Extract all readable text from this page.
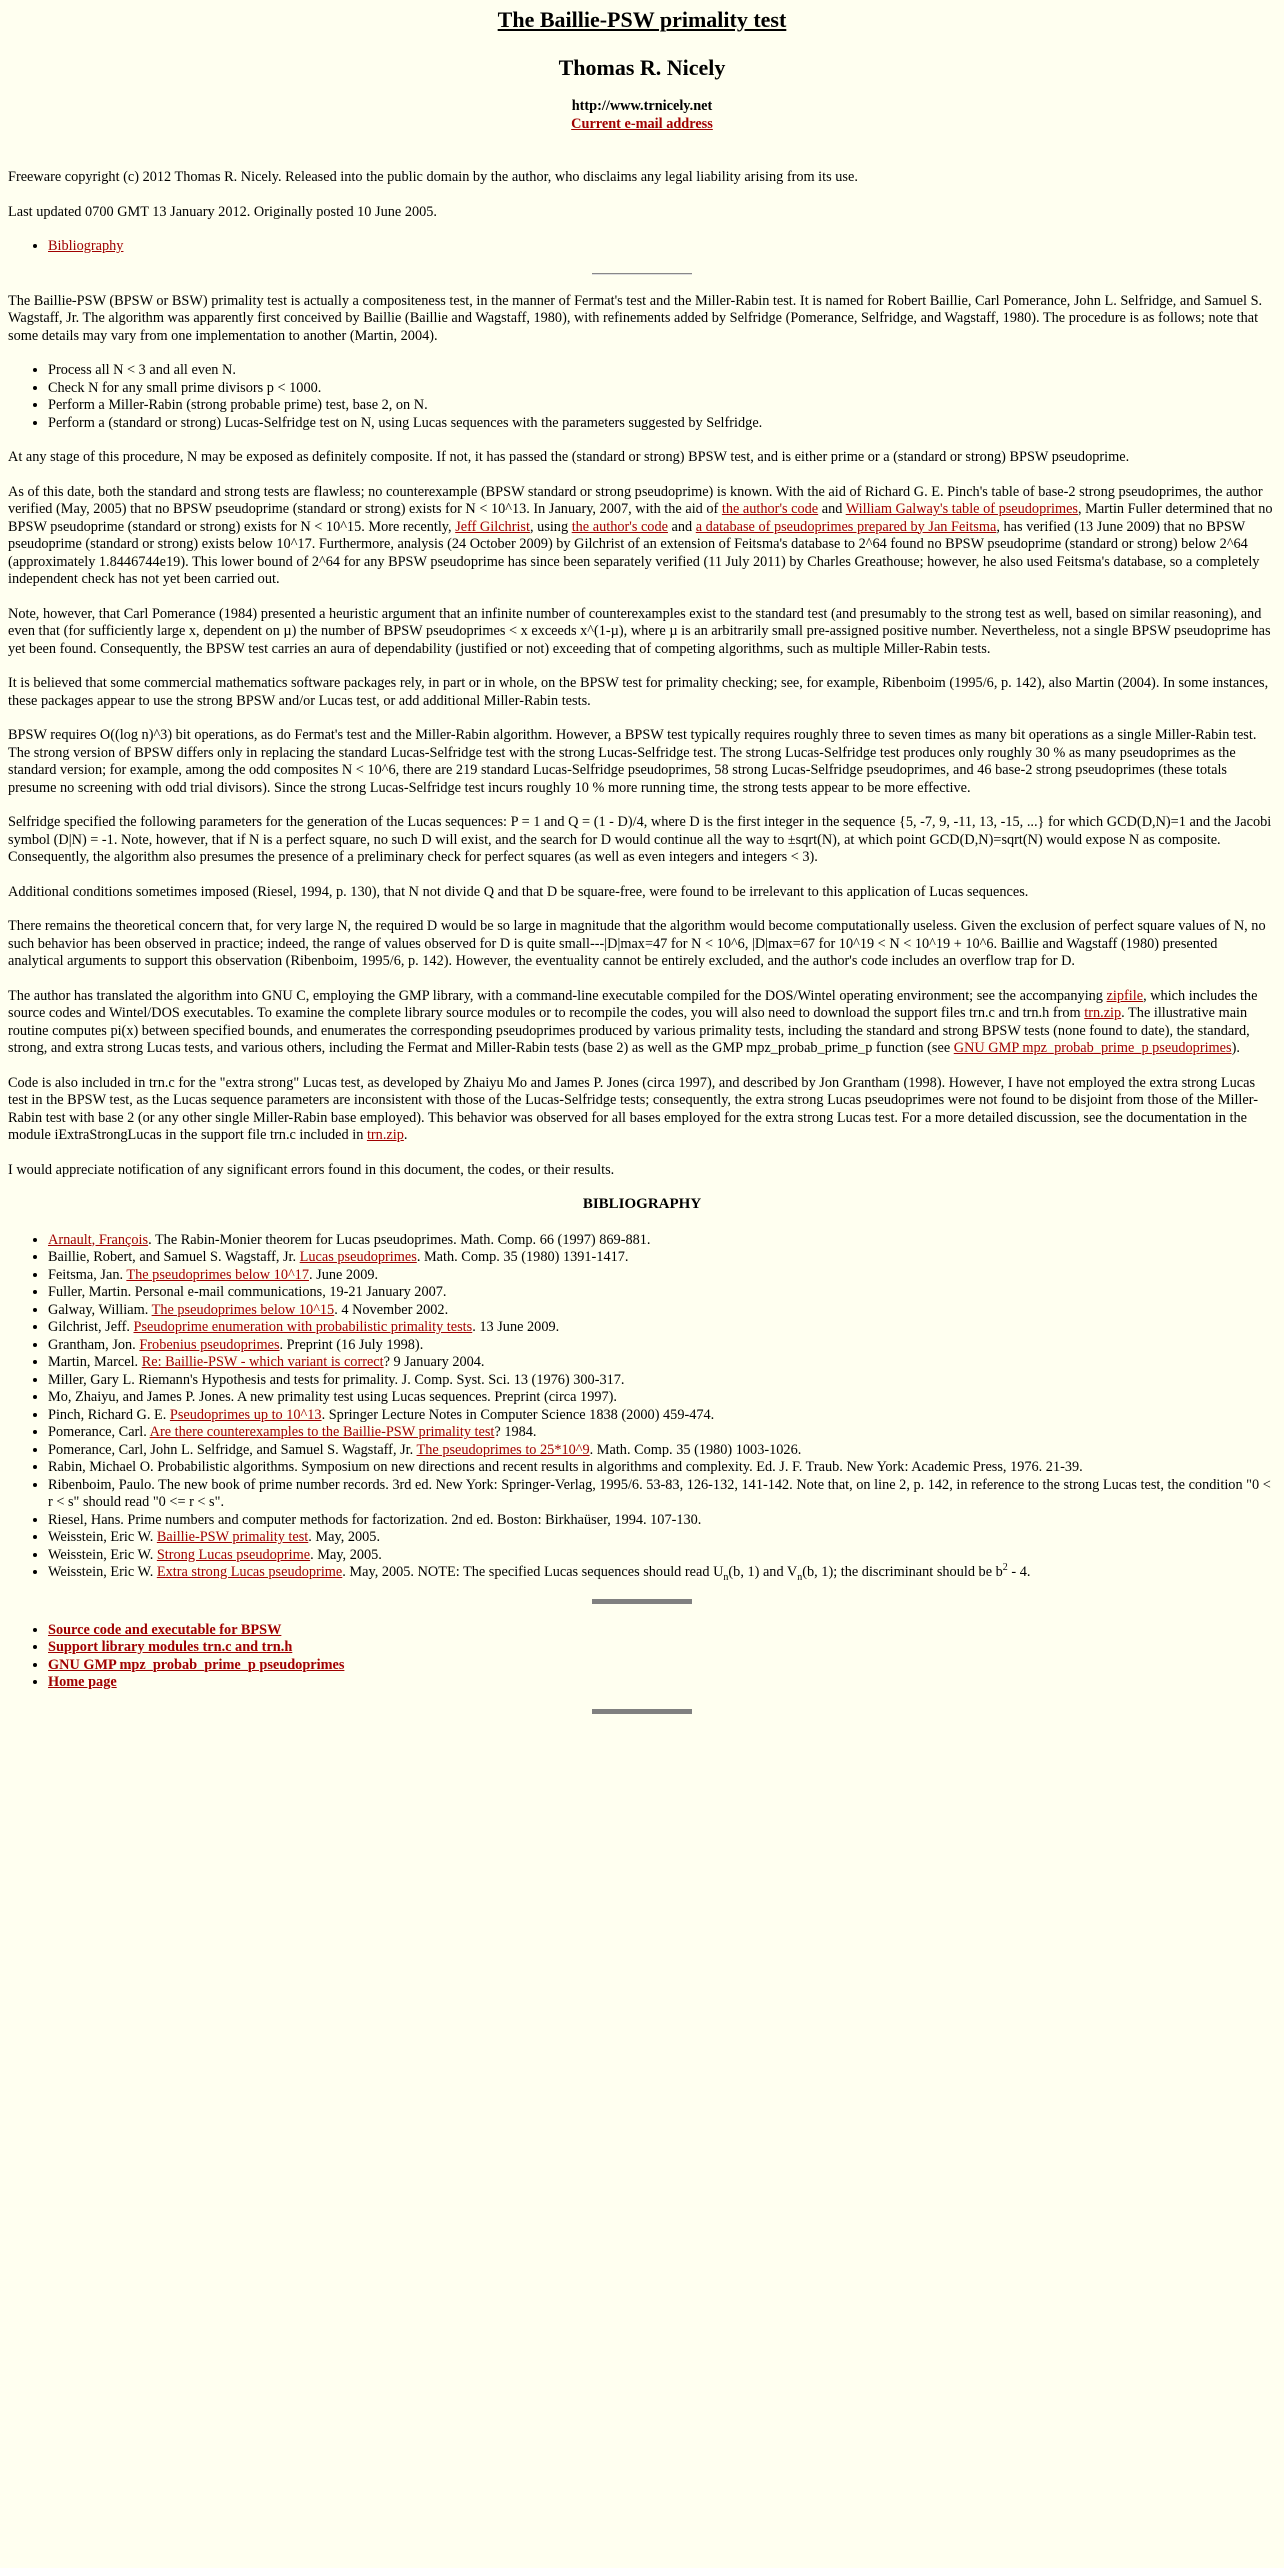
The Baillie-PSW primality test
Thomas R. Nicely

http://www.trnicely.net

Current e-mail address

Freeware copyright (c) 2012 Thomas R. Nicely. Released into the public domain by the author, who disclaims any legal liability arising from its use.

Last updated 0700 GMT 13 January 2012. Originally posted 10 June 2005.

• Bibliography

The Baillie-PSW (BPSW or BSW) primality test is actually a compositeness test, in the manner of Fermat's test and the Miller-Rabin test. It is named for Robert Baillie, Carl Pomerance, John L. Selfridge, and Samuel S. Wagstaff, Jr. The algorithm was apparently first conceived by Baillie (Baillie and Wagstaff, 1980), with refinements added by Selfridge (Pomerance, Selfridge, and Wagstaff, 1980). The procedure is as follows; note that some details may vary from one implementation to another (Martin, 2004).

• Process all N < 3 and all even N.
• Check N for any small prime divisors p < 1000.
• Perform a Miller-Rabin (strong probable prime) test, base 2, on N.
• Perform a (standard or strong) Lucas-Selfridge test on N, using Lucas sequences with the parameters suggested by Selfridge.

At any stage of this procedure, N may be exposed as definitely composite. If not, it has passed the (standard or strong) BPSW test, and is either prime or a (standard or strong) BPSW pseudoprime.

As of this date, both the standard and strong tests are flawless; no counterexample (BPSW standard or strong pseudoprime) is known. With the aid of Richard G. E. Pinch's table of base-2 strong pseudoprimes, the author verified (May, 2005) that no BPSW pseudoprime (standard or strong) exists for N < 10^13. In January, 2007, with the aid of the author's code and William Galway's table of pseudoprimes, Martin Fuller determined that no BPSW pseudoprime (standard or strong) exists for N < 10^15. More recently, Jeff Gilchrist, using the author's code and a database of pseudoprimes prepared by Jan Feitsma, has verified (13 June 2009) that no BPSW pseudoprime (standard or strong) exists below 10^17. Furthermore, analysis (24 October 2009) by Gilchrist of an extension of Feitsma's database to 2^64 found no BPSW pseudoprime (standard or strong) below 2^64 (approximately 1.8446744e19). This lower bound of 2^64 for any BPSW pseudoprime has since been separately verified (11 July 2011) by Charles Greathouse; however, he also used Feitsma's database, so a completely independent check has not yet been carried out.

Note, however, that Carl Pomerance (1984) presented a heuristic argument that an infinite number of counterexamples exist to the standard test (and presumably to the strong test as well, based on similar reasoning), and even that (for sufficiently large x, dependent on µ) the number of BPSW pseudoprimes < x exceeds x^(1-µ), where µ is an arbitrarily small pre-assigned positive number. Nevertheless, not a single BPSW pseudoprime has yet been found. Consequently, the BPSW test carries an aura of dependability (justified or not) exceeding that of competing algorithms, such as multiple Miller-Rabin tests.

It is believed that some commercial mathematics software packages rely, in part or in whole, on the BPSW test for primality checking; see, for example, Ribenboim (1995/6, p. 142), also Martin (2004). In some instances, these packages appear to use the strong BPSW and/or Lucas test, or add additional Miller-Rabin tests.

BPSW requires O((log n)^3) bit operations, as do Fermat's test and the Miller-Rabin algorithm. However, a BPSW test typically requires roughly three to seven times as many bit operations as a single Miller-Rabin test. The strong version of BPSW differs only in replacing the standard Lucas-Selfridge test with the strong Lucas-Selfridge test. The strong Lucas-Selfridge test produces only roughly 30 % as many pseudoprimes as the standard version; for example, among the odd composites N < 10^6, there are 219 standard Lucas-Selfridge pseudoprimes, 58 strong Lucas-Selfridge pseudoprimes, and 46 base-2 strong pseudoprimes (these totals presume no screening with odd trial divisors). Since the strong Lucas-Selfridge test incurs roughly 10 % more running time, the strong tests appear to be more effective.

Selfridge specified the following parameters for the generation of the Lucas sequences: P = 1 and Q = (1 - D)/4, where D is the first integer in the sequence {5, -7, 9, -11, 13, -15, ...} for which GCD(D,N)=1 and the Jacobi symbol (D|N) = -1. Note, however, that if N is a perfect square, no such D will exist, and the search for D would continue all the way to ±sqrt(N), at which point GCD(D,N)=sqrt(N) would expose N as composite. Consequently, the algorithm also presumes the presence of a preliminary check for perfect squares (as well as even integers and integers < 3).

Additional conditions sometimes imposed (Riesel, 1994, p. 130), that N not divide Q and that D be square-free, were found to be irrelevant to this application of Lucas sequences.

There remains the theoretical concern that, for very large N, the required D would be so large in magnitude that the algorithm would become computationally useless. Given the exclusion of perfect square values of N, no such behavior has been observed in practice; indeed, the range of values observed for D is quite small---|D|max=47 for N < 10^6, |D|max=67 for 10^19 < N < 10^19 + 10^6. Baillie and Wagstaff (1980) presented analytical arguments to support this observation (Ribenboim, 1995/6, p. 142). However, the eventuality cannot be entirely excluded, and the author's code includes an overflow trap for D.

The author has translated the algorithm into GNU C, employing the GMP library, with a command-line executable compiled for the DOS/Wintel operating environment; see the accompanying zipfile, which includes the source codes and Wintel/DOS executables. To examine the complete library source modules or to recompile the codes, you will also need to download the support files trn.c and trn.h from trn.zip. The illustrative main routine computes pi(x) between specified bounds, and enumerates the corresponding pseudoprimes produced by various primality tests, including the standard and strong BPSW tests (none found to date), the standard, strong, and extra strong Lucas tests, and various others, including the Fermat and Miller-Rabin tests (base 2) as well as the GMP mpz_probab_prime_p function (see GNU GMP mpz_probab_prime_p pseudoprimes).

Code is also included in trn.c for the "extra strong" Lucas test, as developed by Zhaiyu Mo and James P. Jones (circa 1997), and described by Jon Grantham (1998). However, I have not employed the extra strong Lucas test in the BPSW test, as the Lucas sequence parameters are inconsistent with those of the Lucas-Selfridge tests; consequently, the extra strong Lucas pseudoprimes were not found to be disjoint from those of the Miller-Rabin test with base 2 (or any other single Miller-Rabin base employed). This behavior was observed for all bases employed for the extra strong Lucas test. For a more detailed discussion, see the documentation in the module iExtraStrongLucas in the support file trn.c included in trn.zip.

I would appreciate notification of any significant errors found in this document, the codes, or their results.

BIBLIOGRAPHY
• Arnault, François. The Rabin-Monier theorem for Lucas pseudoprimes. Math. Comp. 66 (1997) 869-881.
• Baillie, Robert, and Samuel S. Wagstaff, Jr. Lucas pseudoprimes. Math. Comp. 35 (1980) 1391-1417.
• Feitsma, Jan. The pseudoprimes below 10^17. June 2009.
• Fuller, Martin. Personal e-mail communications, 19-21 January 2007.
• Galway, William. The pseudoprimes below 10^15. 4 November 2002.
• Gilchrist, Jeff. Pseudoprime enumeration with probabilistic primality tests. 13 June 2009.
• Grantham, Jon. Frobenius pseudoprimes. Preprint (16 July 1998).
• Martin, Marcel. Re: Baillie-PSW - which variant is correct? 9 January 2004.
• Miller, Gary L. Riemann's Hypothesis and tests for primality. J. Comp. Syst. Sci. 13 (1976) 300-317.
• Mo, Zhaiyu, and James P. Jones. A new primality test using Lucas sequences. Preprint (circa 1997).
• Pinch, Richard G. E. Pseudoprimes up to 10^13. Springer Lecture Notes in Computer Science 1838 (2000) 459-474.
• Pomerance, Carl. Are there counterexamples to the Baillie-PSW primality test? 1984.
• Pomerance, Carl, John L. Selfridge, and Samuel S. Wagstaff, Jr. The pseudoprimes to 25*10^9. Math. Comp. 35 (1980) 1003-1026.
• Rabin, Michael O. Probabilistic algorithms. Symposium on new directions and recent results in algorithms and complexity. Ed. J. F. Traub. New York: Academic Press, 1976. 21-39.
• Ribenboim, Paulo. The new book of prime number records. 3rd ed. New York: Springer-Verlag, 1995/6. 53-83, 126-132, 141-142. Note that, on line 2, p. 142, in reference to the strong Lucas test, the condition "0 < r < s" should read "0 <= r < s".
• Riesel, Hans. Prime numbers and computer methods for factorization. 2nd ed. Boston: Birkhaüser, 1994. 107-130.
• Weisstein, Eric W. Baillie-PSW primality test. May, 2005.
• Weisstein, Eric W. Strong Lucas pseudoprime. May, 2005.
• Weisstein, Eric W. Extra strong Lucas pseudoprime. May, 2005. NOTE: The specified Lucas sequences should read $U_n(b$, 1) and $V_n(b$, 1); the discriminant should be $b^2 - 4$.
• Source code and executable for BPSW
• Support library modules trn.c and trn.h
• GNU GMP mpz_probab_prime_p pseudoprimes
• Home page
